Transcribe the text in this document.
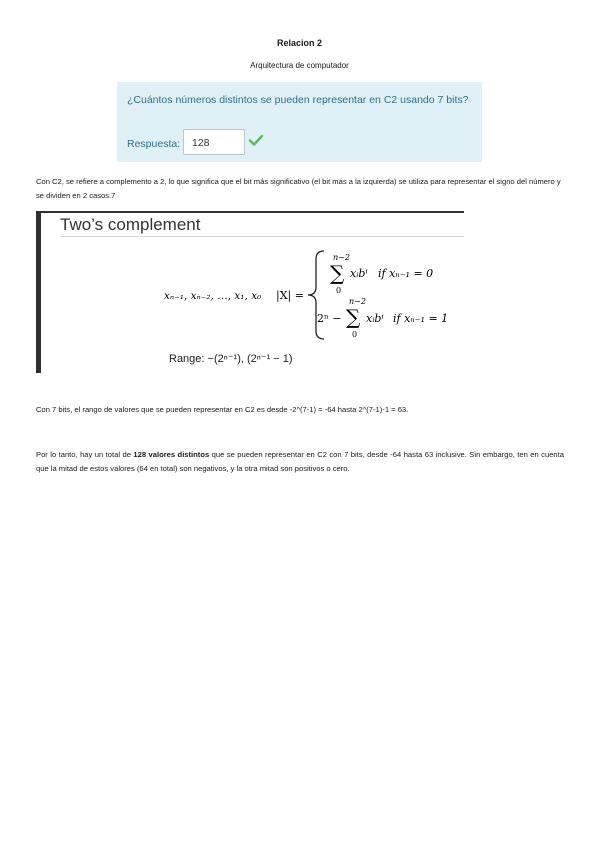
Relacion 2
Arquitectura de computador
¿Cuántos números distintos se pueden representar en C2 usando 7 bits?
Respuesta:	128
Con C2, se refiere a complemento a 2, lo que significa que el bit más significativo (el bit más a la izquierda) se utiliza para representar el signo del número y se dividen en 2 casos.7
Two’s complement
xₙ₋₁, xₙ₋₂, …, x₁, x₀ |X| =
n−2
∑
0
xᵢbⁱ if xₙ₋₁ = 0
2ⁿ −
n−2
∑
0
xᵢbⁱ if xₙ₋₁ = 1
Range: −(2ⁿ⁻¹), (2ⁿ⁻¹ − 1)
Con 7 bits, el rango de valores que se pueden representar en C2 es desde -2^(7-1) = -64 hasta 2^(7-1)-1 = 63.
Por lo tanto, hay un total de 128 valores distintos que se pueden representar en C2 con 7 bits, desde -64 hasta 63 inclusive. Sin embargo, ten en cuenta que la mitad de estos valores (64 en total) son negativos, y la otra mitad son positivos o cero.
